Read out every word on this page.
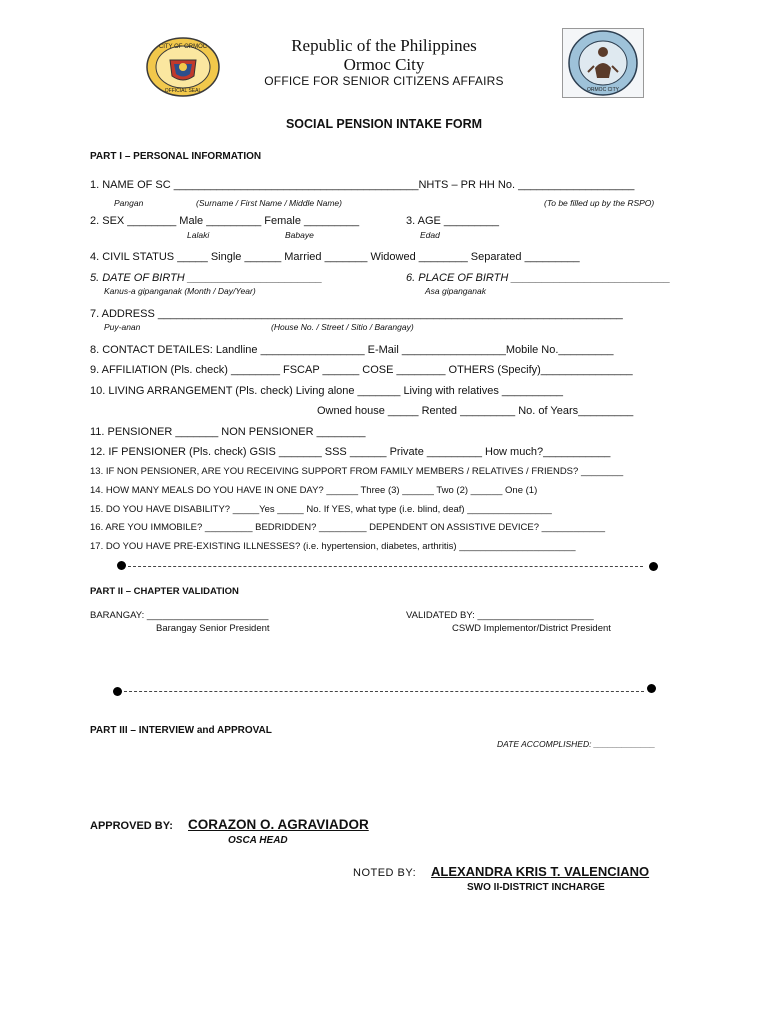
CITY OF ORMOC
OFFICIAL SEAL	ORMOC CITY
Republic of the Philippines
Ormoc City
OFFICE FOR SENIOR CITIZENS AFFAIRS
SOCIAL PENSION INTAKE FORM
PART I – PERSONAL INFORMATION
1. NAME OF SC ________________________________________NHTS – PR HH No. ___________________
Pangan	(Surname / First Name / Middle Name)	(To be filled up by the RSPO)
2. SEX ________ Male _________ Female _________	3. AGE _________
Lalaki	Babaye	Edad
4. CIVIL STATUS _____ Single ______ Married _______ Widowed ________ Separated _________
5. DATE OF BIRTH ______________________	6. PLACE OF BIRTH __________________________
Kanus-a gipanganak (Month / Day/Year)	Asa gipanganak
7. ADDRESS ____________________________________________________________________________
Puy-anan	(House No. / Street / Sitio / Barangay)
8. CONTACT DETAILES: Landline _________________ E-Mail _________________Mobile No._________
9. AFFILIATION (Pls. check) ________ FSCAP ______ COSE ________ OTHERS (Specify)_______________
10. LIVING ARRANGEMENT (Pls. check) Living alone _______ Living with relatives __________
Owned house _____ Rented _________ No. of Years_________
11. PENSIONER _______ NON PENSIONER ________
12. IF PENSIONER (Pls. check) GSIS _______ SSS ______ Private _________ How much?___________
13. IF NON PENSIONER, ARE YOU RECEIVING SUPPORT FROM FAMILY MEMBERS / RELATIVES / FRIENDS? ________
14. HOW MANY MEALS DO YOU HAVE IN ONE DAY? ______ Three (3) ______ Two (2) ______ One (1)
15. DO YOU HAVE DISABILITY? _____Yes _____ No. If YES, what type (i.e. blind, deaf) ________________
16. ARE YOU IMMOBILE? _________ BEDRIDDEN? _________ DEPENDENT ON ASSISTIVE DEVICE? ____________
17. DO YOU HAVE PRE-EXISTING ILLNESSES? (i.e. hypertension, diabetes, arthritis) ______________________
PART II – CHAPTER VALIDATION
BARANGAY: _______________________
Barangay Senior President
VALIDATED BY: ______________________
CSWD Implementor/District President
PART III – INTERVIEW and APPROVAL
DATE ACCOMPLISHED: _____________
APPROVED BY: CORAZON O. AGRAVIADOR
OSCA HEAD
NOTED BY: ALEXANDRA KRIS T. VALENCIANO
SWO II-DISTRICT INCHARGE
